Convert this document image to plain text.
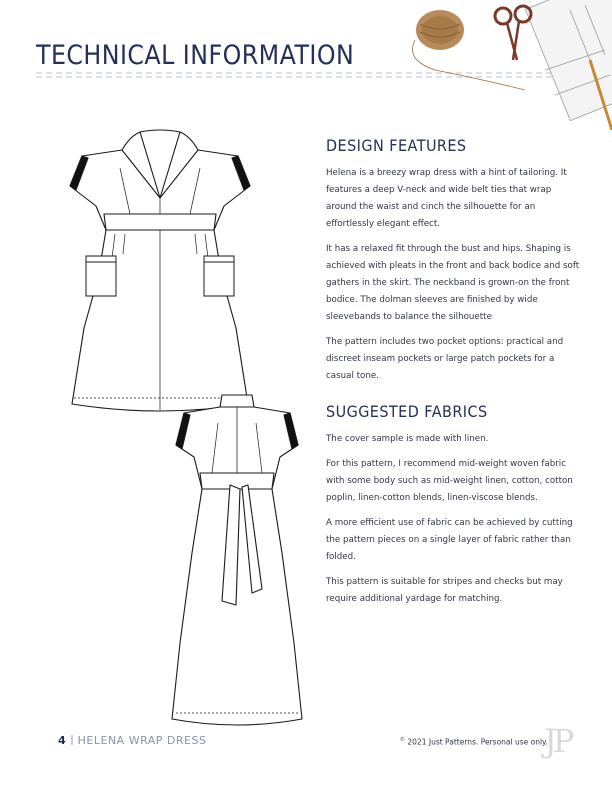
TECHNICAL INFORMATION
DESIGN FEATURES

Helena is a breezy wrap dress with a hint of tailoring. It features a deep V-neck and wide belt ties that wrap around the waist and cinch the silhouette for an effortlessly elegant effect.

It has a relaxed fit through the bust and hips. Shaping is achieved with pleats in the front and back bodice and soft gathers in the skirt. The neckband is grown-on the front bodice. The dolman sleeves are finished by wide sleevebands to balance the silhouette

The pattern includes two pocket options: practical and discreet inseam pockets or large patch pockets for a casual tone.

SUGGESTED FABRICS

The cover sample is made with linen.

For this pattern, I recommend mid-weight woven fabric with some body such as mid-weight linen, cotton, cotton poplin, linen-cotton blends, linen-viscose blends.

A more efficient use of fabric can be achieved by cutting the pattern pieces on a single layer of fabric rather than folded.

This pattern is suitable for stripes and checks but may require additional yardage for matching.

4 HELENA WRAP DRESS	© 2021 Just Patterns. Personal use only.
JP
